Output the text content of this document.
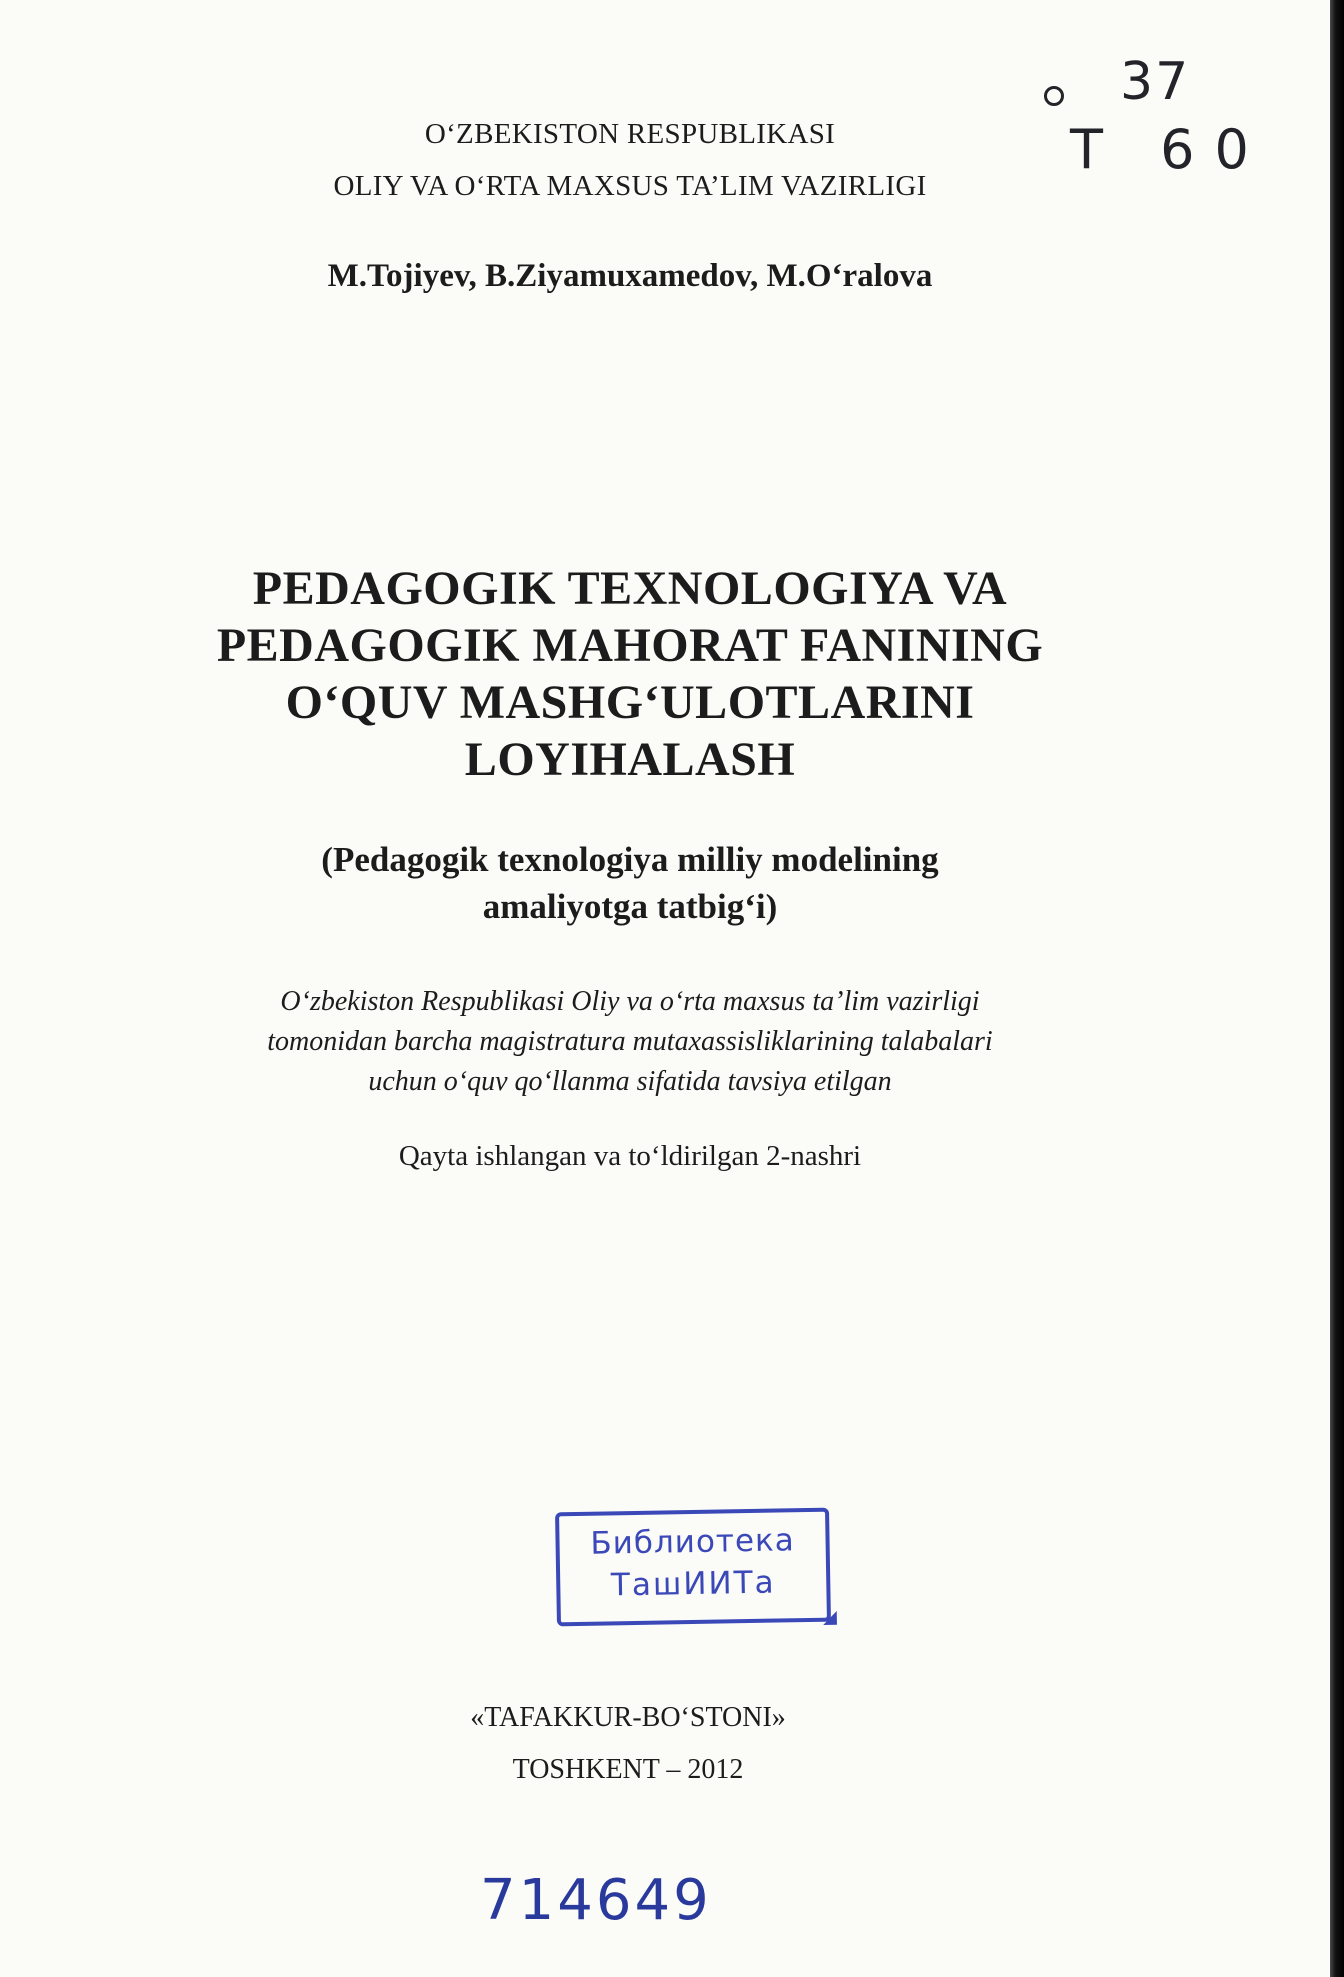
O‘ZBEKISTON RESPUBLIKASI
OLIY VA O‘RTA MAXSUS TA’LIM VAZIRLIGI
M.Tojiyev, B.Ziyamuxamedov, M.O‘ralova
PEDAGOGIK TEXNOLOGIYA VA
PEDAGOGIK MAHORAT FANINING
O‘QUV MASHG‘ULOTLARINI
LOYIHALASH
(Pedagogik texnologiya milliy modelining
amaliyotga tatbig‘i)
O‘zbekiston Respublikasi Oliy va o‘rta maxsus ta’lim vazirligi
tomonidan barcha magistratura mutaxassisliklarining talabalari
uchun o‘quv qo‘llanma sifatida tavsiya etilgan
Qayta ishlangan va to‘ldirilgan 2-nashri
Библиотека
ТашИИТа
◢
«TAFAKKUR-BO‘STONI»
TOSHKENT – 2012
37
T 60
714649
